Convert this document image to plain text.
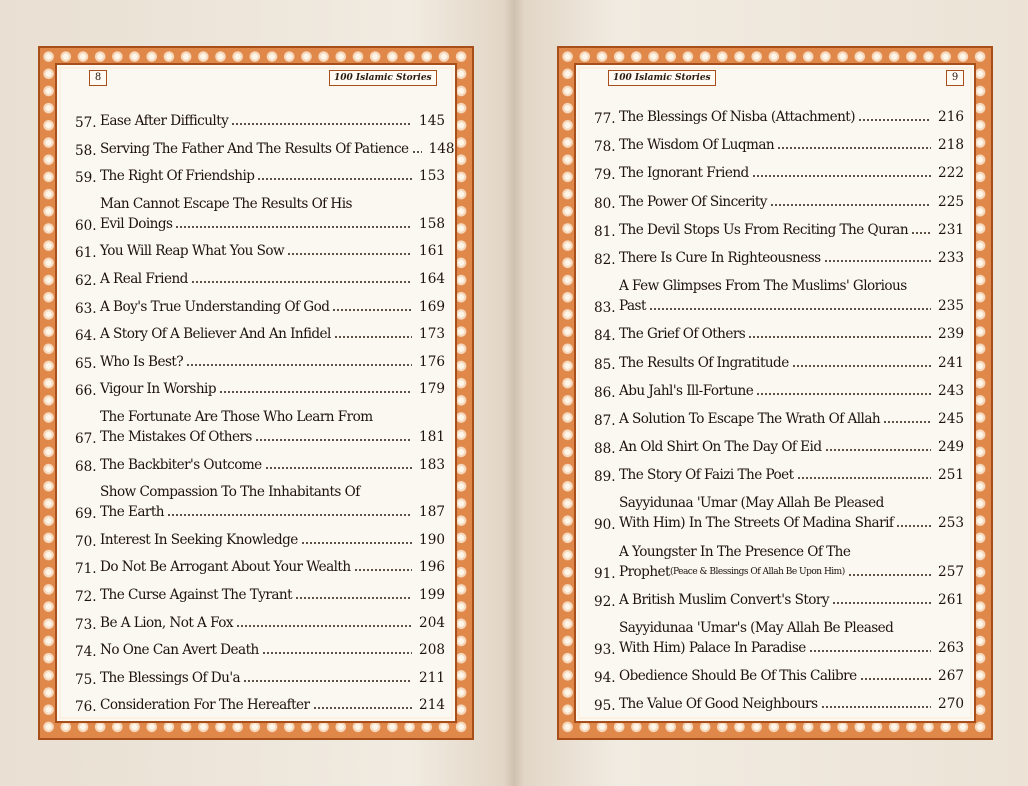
8	100 Islamic Stories
57. Ease After Difficulty	145
58. Serving The Father And The Results Of Patience 148
59. The Right Of Friendship	153
60.
Man Cannot Escape The Results Of His
Evil Doings	158
61. You Will Reap What You Sow	161
62. A Real Friend	164
63. A Boy's True Understanding Of God	169
64. A Story Of A Believer And An Infidel	173
65. Who Is Best?	176
66. Vigour In Worship	179
67.
The Fortunate Are Those Who Learn From
The Mistakes Of Others	181
68. The Backbiter's Outcome	183
69.
Show Compassion To The Inhabitants Of
The Earth	187
70. Interest In Seeking Knowledge	190
71. Do Not Be Arrogant About Your Wealth	196
72. The Curse Against The Tyrant	199
73. Be A Lion, Not A Fox	204
74. No One Can Avert Death	208
75. The Blessings Of Du'a	211
76. Consideration For The Hereafter	214
100 Islamic Stories	9
77. The Blessings Of Nisba (Attachment)	216
78. The Wisdom Of Luqman	218
79. The Ignorant Friend	222
80. The Power Of Sincerity	225
81. The Devil Stops Us From Reciting The Quran 231
82. There Is Cure In Righteousness	233
83.
A Few Glimpses From The Muslims' Glorious
Past	235
84. The Grief Of Others	239
85. The Results Of Ingratitude	241
86. Abu Jahl's Ill-Fortune	243
87. A Solution To Escape The Wrath Of Allah	245
88. An Old Shirt On The Day Of Eid	249
89. The Story Of Faizi The Poet	251
90.
Sayyidunaa 'Umar (May Allah Be Pleased
With Him) In The Streets Of Madina Sharif	253
91.
A Youngster In The Presence Of The
Prophet (Peace & Blessings Of Allah Be Upon Him)	257
92. A British Muslim Convert's Story	261
93.
Sayyidunaa 'Umar's (May Allah Be Pleased
With Him) Palace In Paradise	263
94. Obedience Should Be Of This Calibre	267
95. The Value Of Good Neighbours	270
